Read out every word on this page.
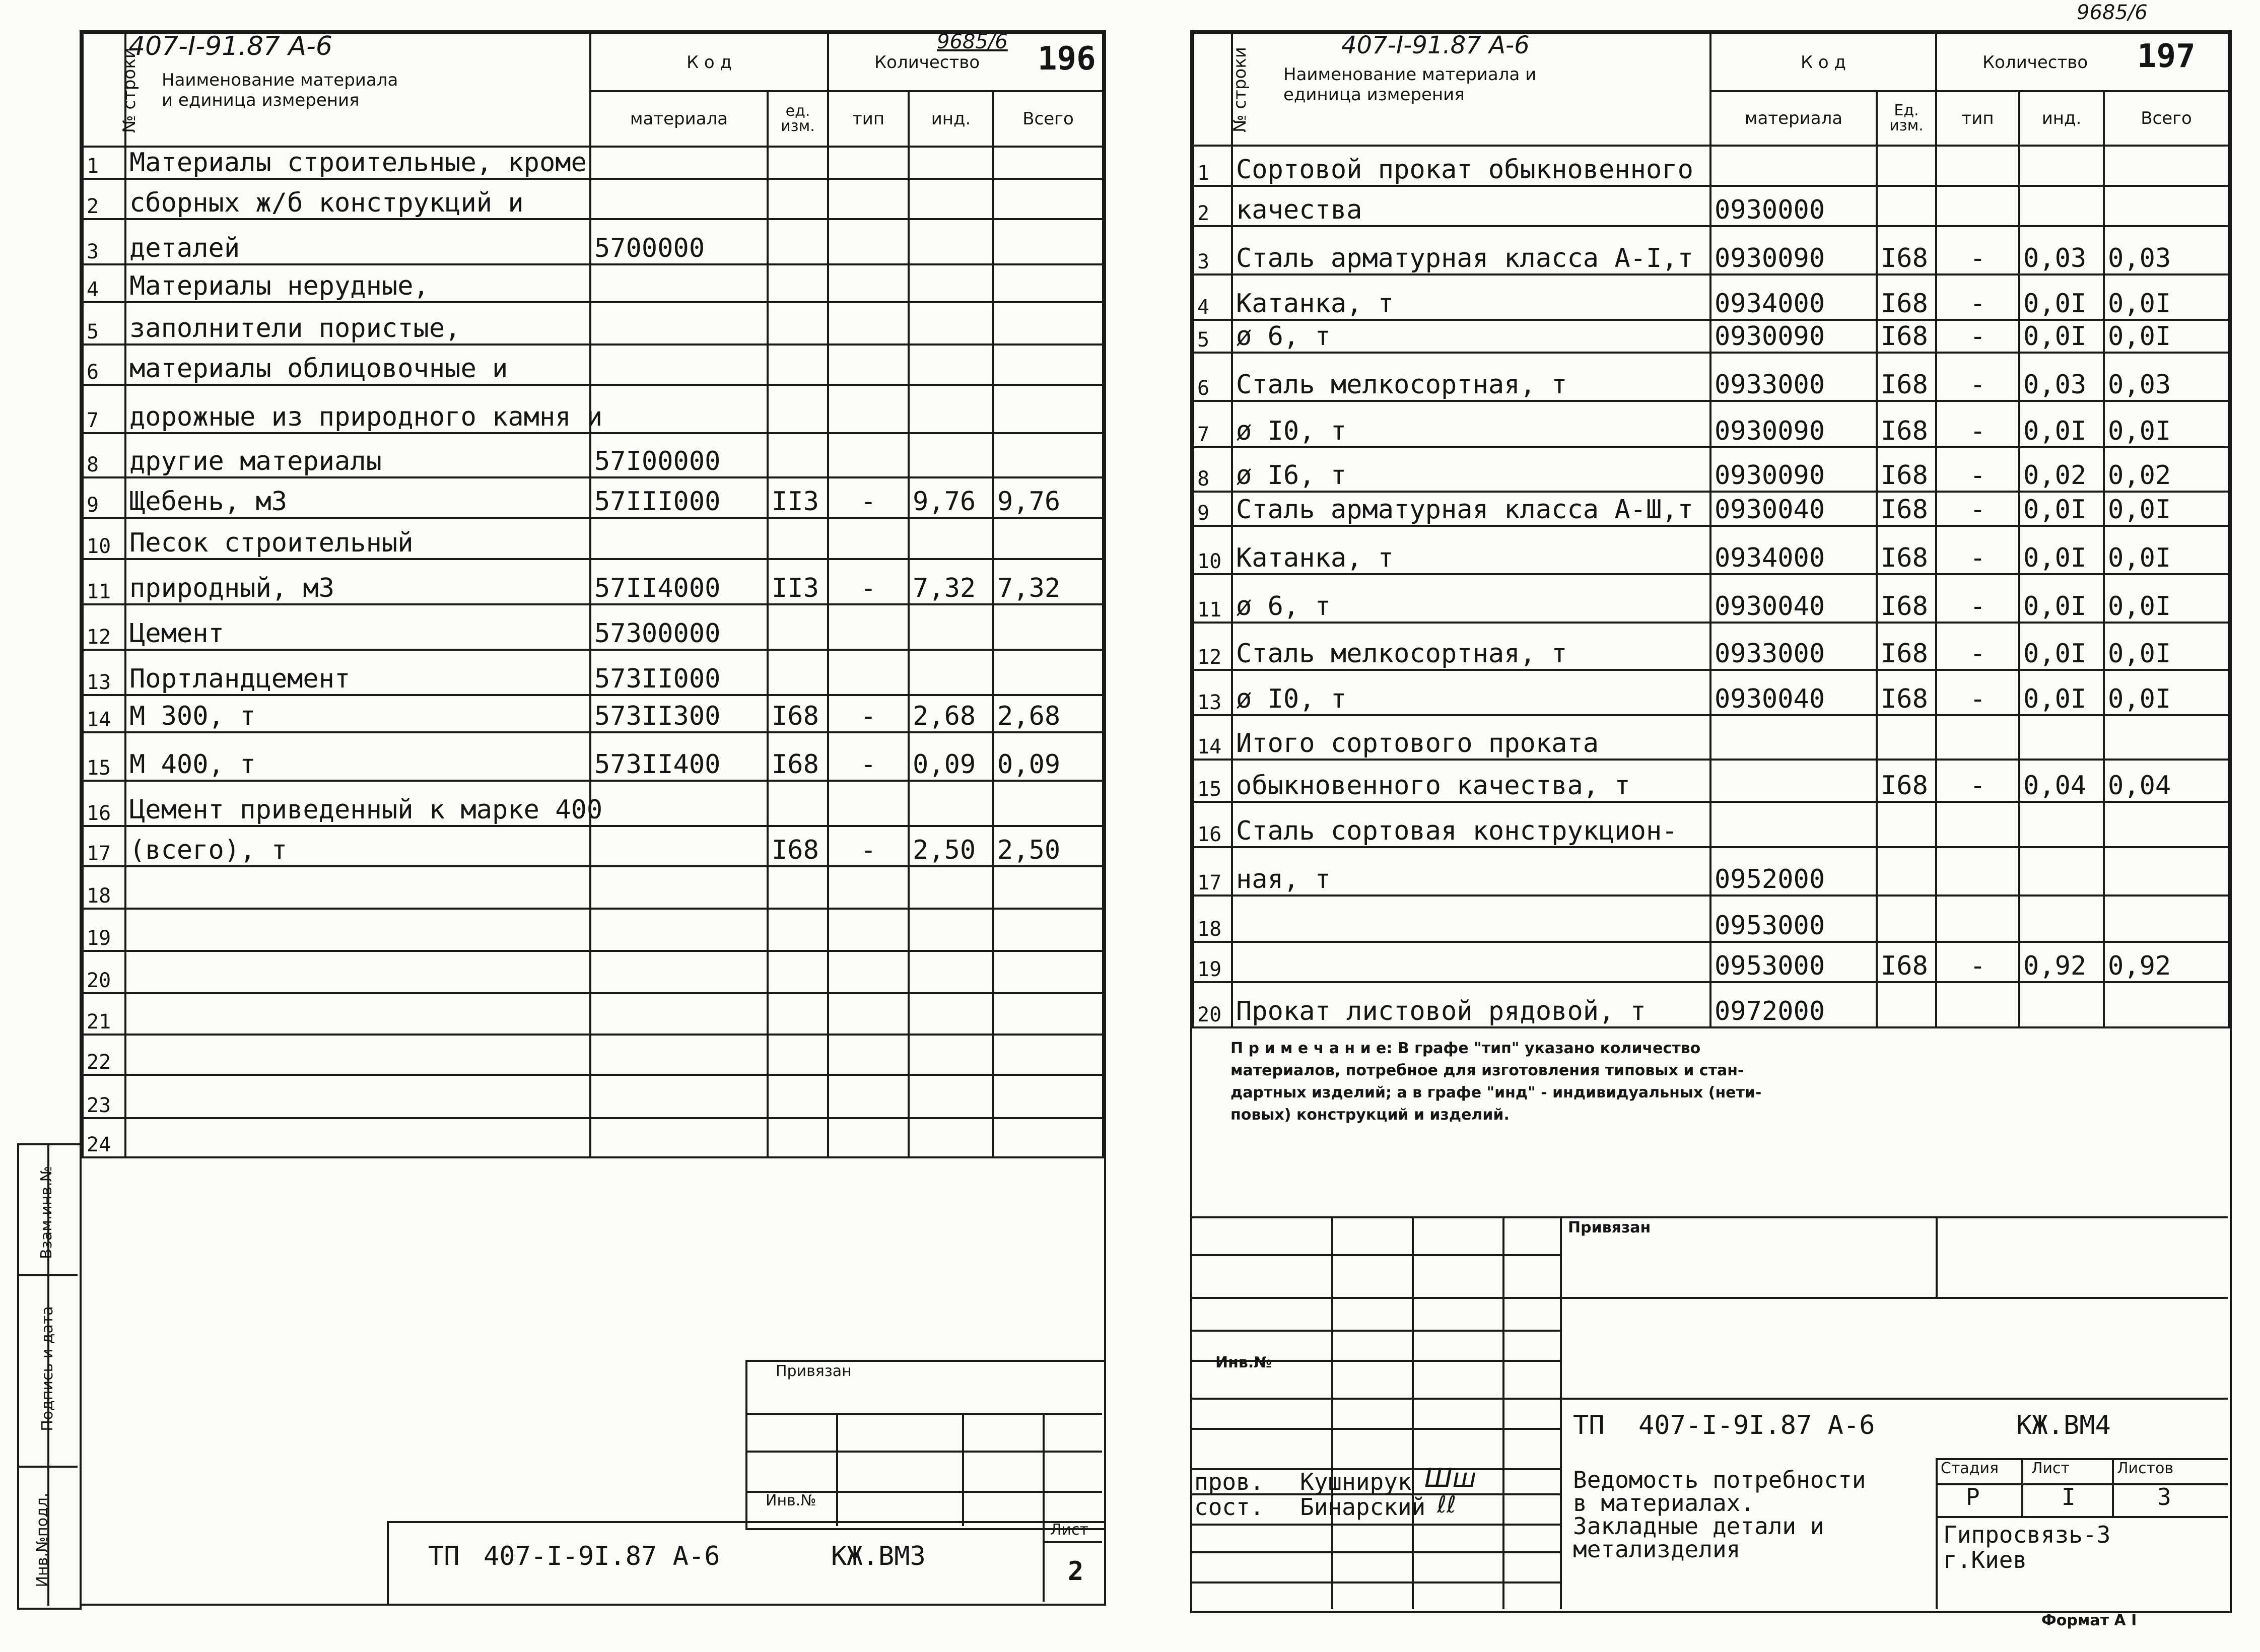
Взам.инв.№
Подпись и дата
Инв.№подл.
407-I-91.87 А-6	9685/6 196
№ строки	Наименование материала
и единица измерения	К о д		Количество		
		материала	ед. изм.	тип	инд.	Всего
1	Материалы строительные, кроме					
2	сборных ж/б конструкций и					
3	деталей	5700000				
4	Материалы нерудные,					
5	заполнители пористые,					
6	материалы облицовочные и					
7	дорожные из природного камня и					
8	другие материалы	57I00000				
9	Щебень, м3	57III000	II3	-	9,76	9,76
10	Песок строительный					
11	природный, м3	57II4000	II3	-	7,32	7,32
12	Цемент	57300000				
13	Портландцемент	573II000				
14	М 300, т	573II300	I68	-	2,68	2,68
15	М 400, т	573II400	I68	-	0,09	0,09
16	Цемент приведенный к марке 400					
17	(всего), т		I68	-	2,50	2,50
18						
19						
20						
21						
22						
23						
24						
Привязан
Инв.№
ТП 407-I-9I.87 А-6	КЖ.ВМ3
Лист
2
407-I-91.87 А-6
9685/6
197
№ строки	Наименование материала и
единица измерения	К о д		Количество		
		материала	Ед. изм.	тип	инд.	Всего
1	Сортовой прокат обыкновенного					
2	качества	0930000				
3	Сталь арматурная класса А-I,т	0930090	I68	-	0,03	0,03
4	Катанка, т	0934000	I68	-	0,0I	0,0I
5	ø 6, т	0930090	I68	-	0,0I	0,0I
6	Сталь мелкосортная, т	0933000	I68	-	0,03	0,03
7	ø I0, т	0930090	I68	-	0,0I	0,0I
8	ø I6, т	0930090	I68	-	0,02	0,02
9	Сталь арматурная класса А-Ш,т	0930040	I68	-	0,0I	0,0I
10	Катанка, т	0934000	I68	-	0,0I	0,0I
11	ø 6, т	0930040	I68	-	0,0I	0,0I
12	Сталь мелкосортная, т	0933000	I68	-	0,0I	0,0I
13	ø I0, т	0930040	I68	-	0,0I	0,0I
14	Итого сортового проката					
15	обыкновенного качества, т		I68	-	0,04	0,04
16	Сталь сортовая конструкцион-					
17	ная, т	0952000				
18		0953000				
19		0953000	I68	-	0,92	0,92
20	Прокат листовой рядовой, т	0972000				
П р и м е ч а н и е: В графе "тип" указано количество
материалов, потребное для изготовления типовых и стан-
дартных изделий; а в графе "инд" - индивидуальных (нети-
повых) конструкций и изделий.
Привязан
Инв.№
ТП 407-I-9I.87 А-6	КЖ.ВМ4
пров. Кушнирук
сост. Бинарский
Шш
ℓℓ
Ведомость потребности
в материалах.
Закладные детали и
метализделия
Стадия Лист	Листов
Р	I	3
Гипросвязь-3
г.Киев
Формат А I
